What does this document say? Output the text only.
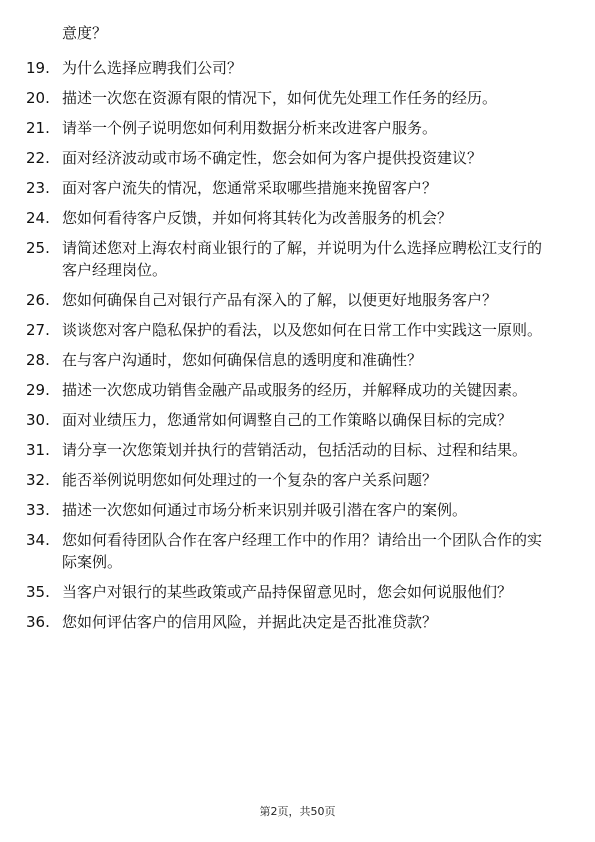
意度？
19. 为什么选择应聘我们公司？
20. 描述一次您在资源有限的情况下，如何优先处理工作任务的经历。
21. 请举一个例子说明您如何利用数据分析来改进客户服务。
22. 面对经济波动或市场不确定性，您会如何为客户提供投资建议？
23. 面对客户流失的情况，您通常采取哪些措施来挽留客户？
24. 您如何看待客户反馈，并如何将其转化为改善服务的机会？
25. 请简述您对上海农村商业银行的了解，并说明为什么选择应聘松江支行的客户经理岗位。
26. 您如何确保自己对银行产品有深入的了解，以便更好地服务客户？
27. 谈谈您对客户隐私保护的看法，以及您如何在日常工作中实践这一原则。
28. 在与客户沟通时，您如何确保信息的透明度和准确性？
29. 描述一次您成功销售金融产品或服务的经历，并解释成功的关键因素。
30. 面对业绩压力，您通常如何调整自己的工作策略以确保目标的完成？
31. 请分享一次您策划并执行的营销活动，包括活动的目标、过程和结果。
32. 能否举例说明您如何处理过的一个复杂的客户关系问题？
33. 描述一次您如何通过市场分析来识别并吸引潜在客户的案例。
34. 您如何看待团队合作在客户经理工作中的作用？请给出一个团队合作的实际案例。
35. 当客户对银行的某些政策或产品持保留意见时，您会如何说服他们？
36. 您如何评估客户的信用风险，并据此决定是否批准贷款？
第2页，共50页
